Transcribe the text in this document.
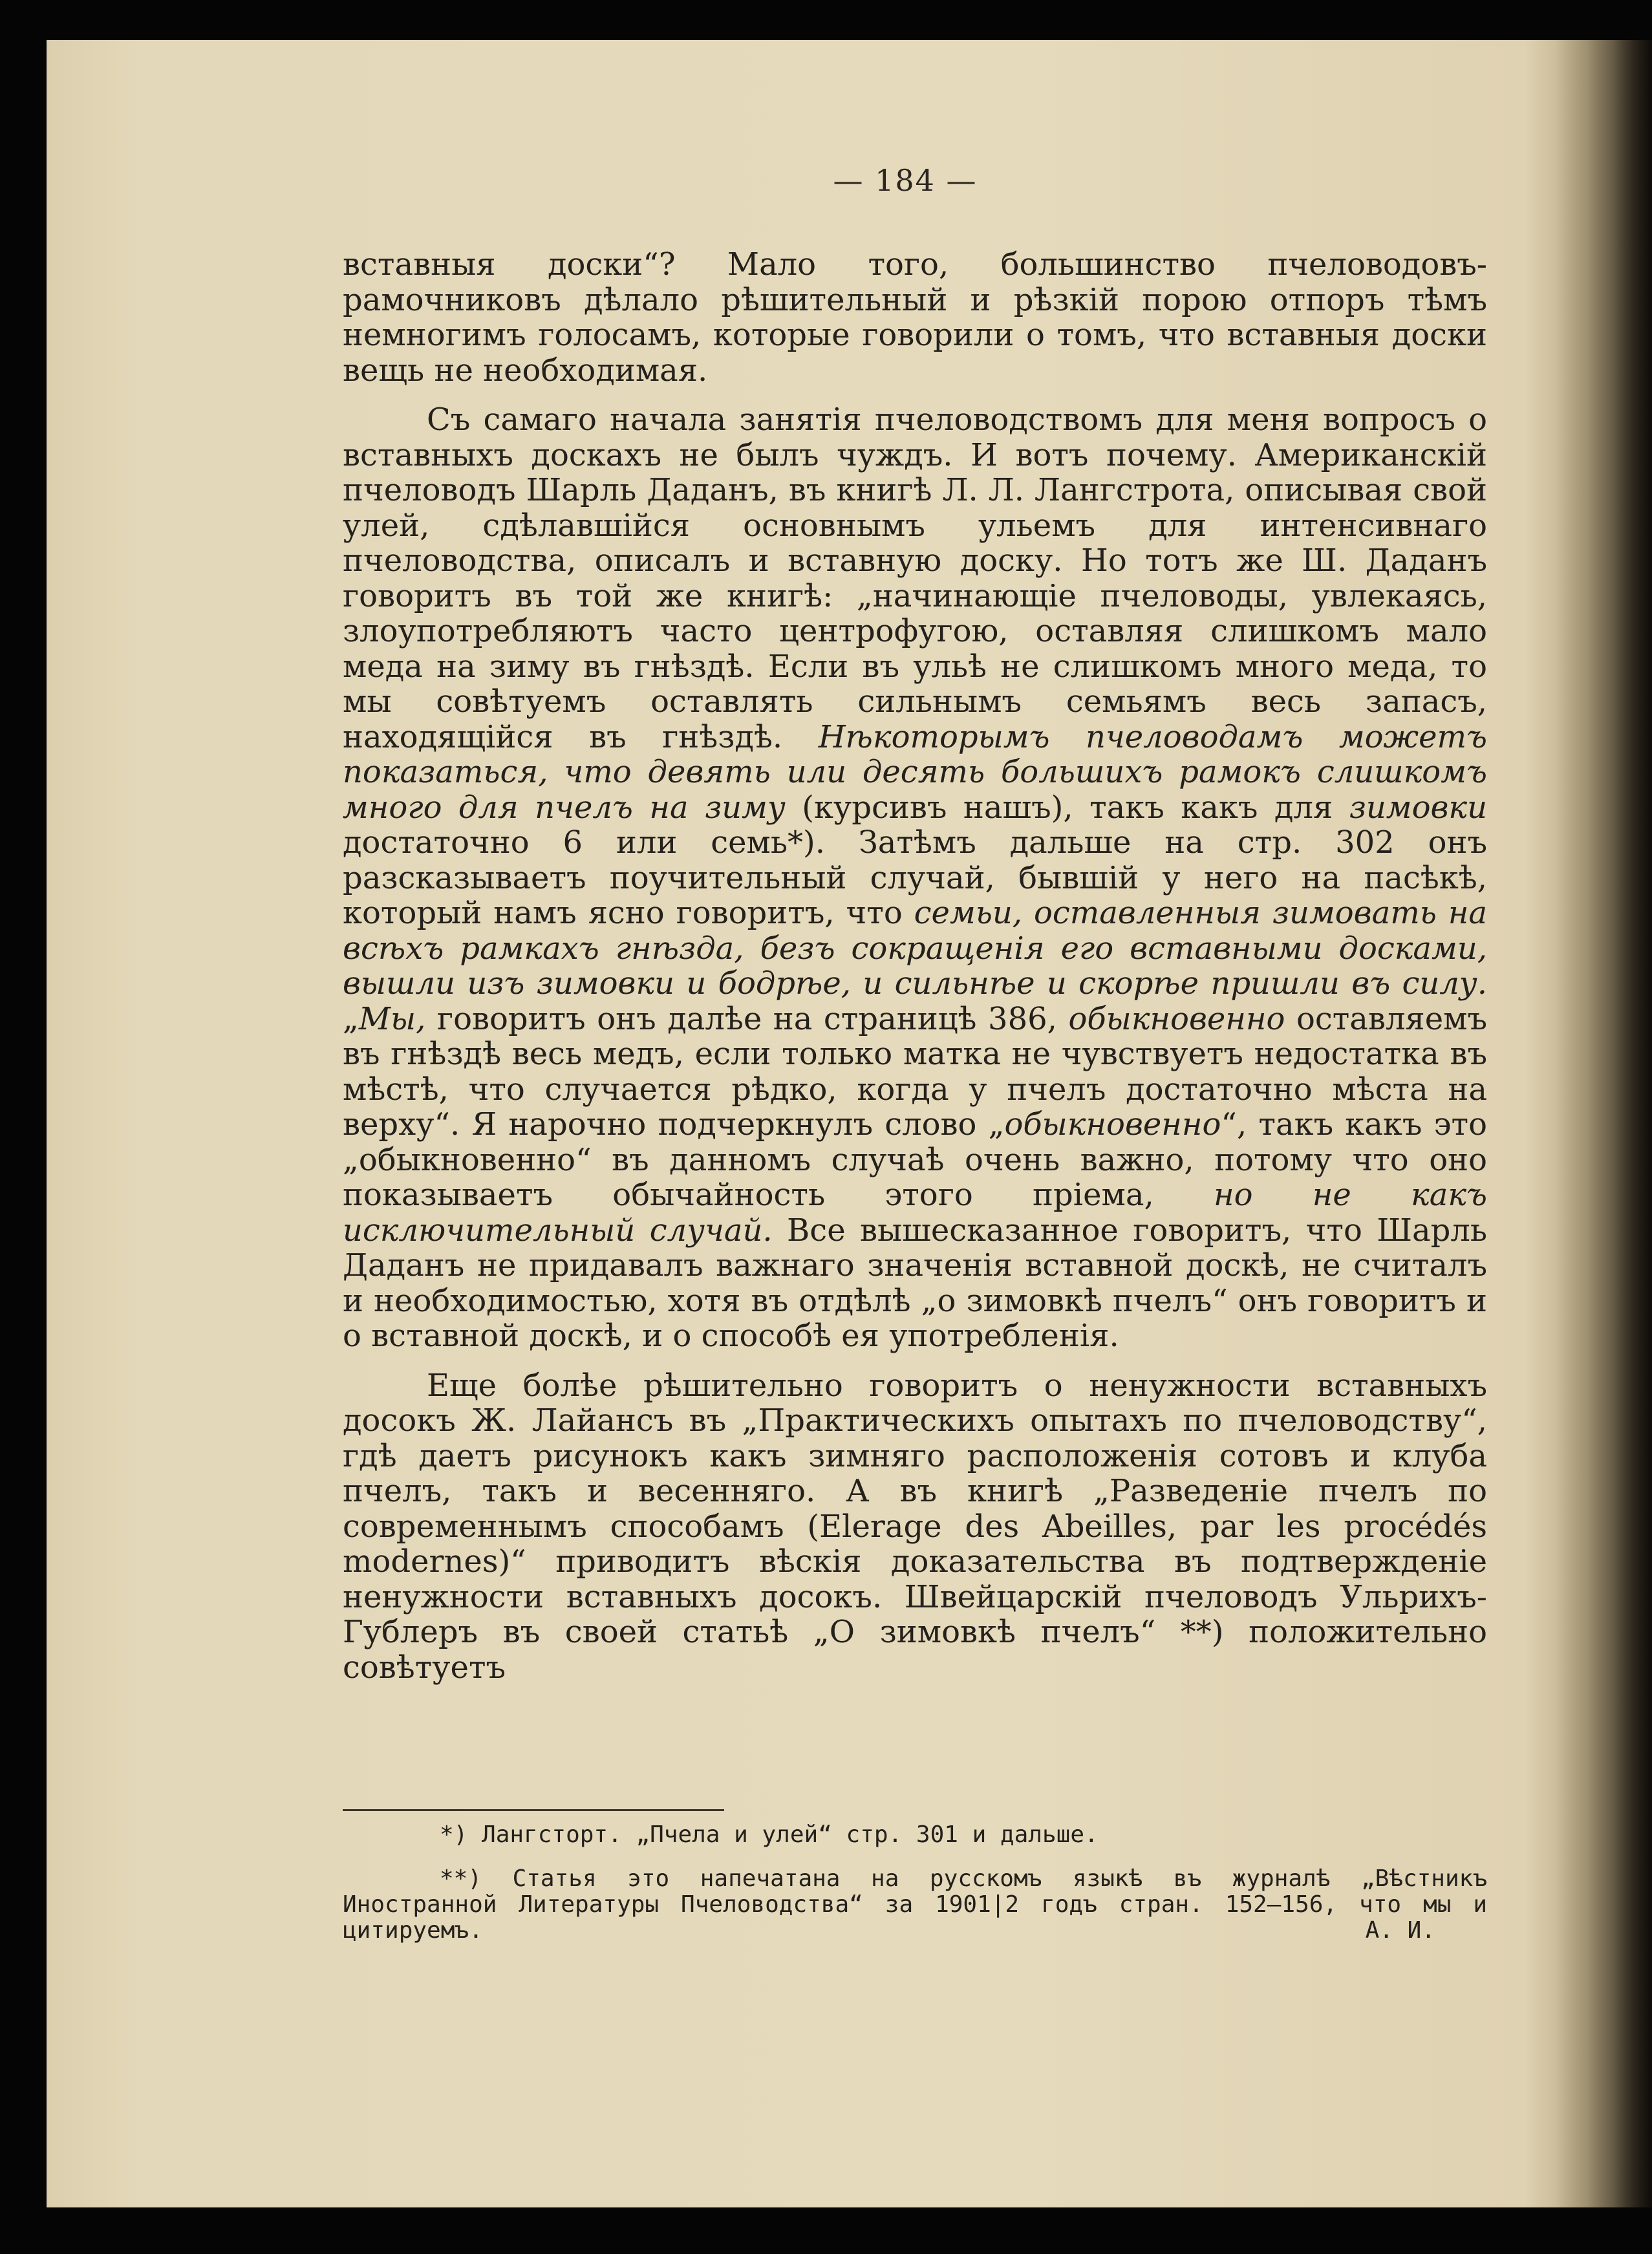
— 184 —

вставныя доски“? Мало того, большинство пчеловодовъ-рамочниковъ дѣлало рѣшительный и рѣзкій порою отпоръ тѣмъ немногимъ голосамъ, которые говорили о томъ, что вставныя доски вещь не необходимая.

Съ самаго начала занятія пчеловодствомъ для меня вопросъ о вставныхъ доскахъ не былъ чуждъ. И вотъ почему. Американскій пчеловодъ Шарль Даданъ, въ книгѣ Л. Л. Лангстрота, описывая свой улей, сдѣлавшійся основнымъ ульемъ для интенсивнаго пчеловодства, описалъ и вставную доску. Но тотъ же Ш. Даданъ говоритъ въ той же книгѣ: „начинающіе пчеловоды, увлекаясь, злоупотребляютъ часто центрофугою, оставляя слишкомъ мало меда на зиму въ гнѣздѣ. Если въ ульѣ не слишкомъ много меда, то мы совѣтуемъ оставлять сильнымъ семьямъ весь запасъ, находящійся въ гнѣздѣ. Нѣкоторымъ пчеловодамъ можетъ показаться, что девять или десять большихъ рамокъ слишкомъ много для пчелъ на зиму (курсивъ нашъ), такъ какъ для зимовки достаточно 6 или семь*). Затѣмъ дальше на стр. 302 онъ разсказываетъ поучительный случай, бывшій у него на пасѣкѣ, который намъ ясно говоритъ, что семьи, оставленныя зимовать на всѣхъ рамкахъ гнѣзда, безъ сокращенія его вставными досками, вышли изъ зимовки и бодрѣе, и сильнѣе и скорѣе пришли въ силу. „Мы, говоритъ онъ далѣе на страницѣ 386, обыкновенно оставляемъ въ гнѣздѣ весь медъ, если только матка не чувствуетъ недостатка въ мѣстѣ, что случается рѣдко, когда у пчелъ достаточно мѣста на верху“. Я нарочно подчеркнулъ слово „обыкновенно“, такъ какъ это „обыкновенно“ въ данномъ случаѣ очень важно, потому что оно показываетъ обычайность этого пріема, но не какъ исключительный случай. Все вышесказанное говоритъ, что Шарль Даданъ не придавалъ важнаго значенія вставной доскѣ, не считалъ и необходимостью, хотя въ отдѣлѣ „о зимовкѣ пчелъ“ онъ говоритъ и о вставной доскѣ, и о способѣ ея употребленія.

Еще болѣе рѣшительно говоритъ о ненужности вставныхъ досокъ Ж. Лайансъ въ „Практическихъ опытахъ по пчеловодству“, гдѣ даетъ рисунокъ какъ зимняго расположенія сотовъ и клуба пчелъ, такъ и весенняго. А въ книгѣ „Разведеніе пчелъ по современнымъ способамъ (Elerage des Abeilles, par les procédés modernes)“ приводитъ вѣскія доказательства въ подтвержденіе ненужности вставныхъ досокъ. Швейцарскій пчеловодъ Ульрихъ-Гублеръ въ своей статьѣ „О зимовкѣ пчелъ“ **) положительно совѣтуетъ

*) Лангсторт. „Пчела и улей“ стр. 301 и дальше.

**) Статья это напечатана на русскомъ языкѣ въ журналѣ „Вѣстникъ Иностранной Литературы Пчеловодства“ за 1901|2 годъ стран. 152—156, что мы и цитируемъ.	А. И.
